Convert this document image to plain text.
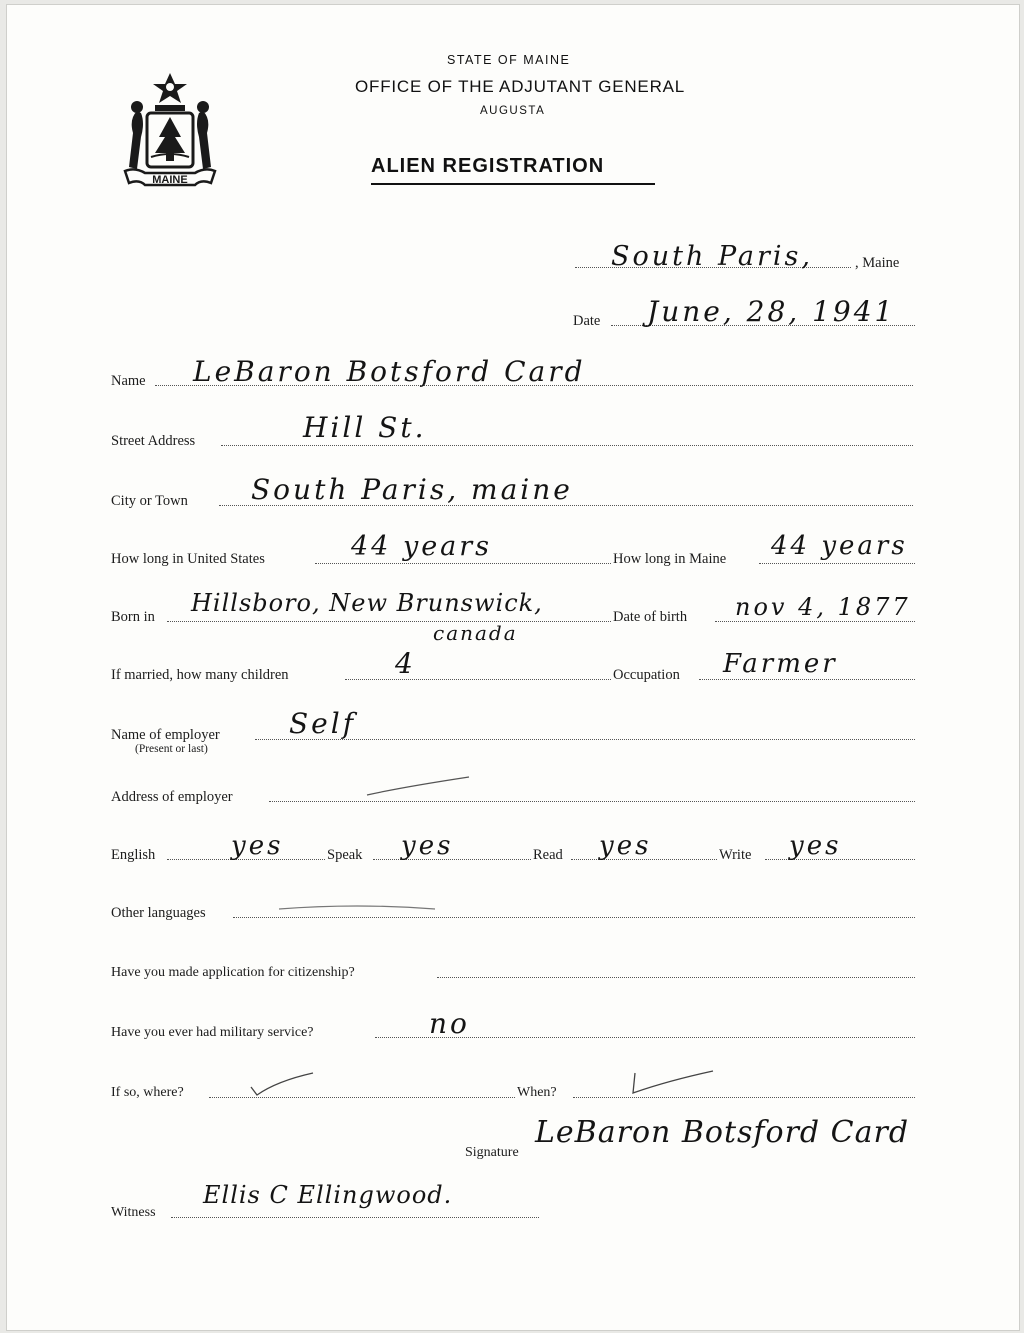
MAINE
STATE OF MAINE
OFFICE OF THE ADJUTANT GENERAL
AUGUSTA
ALIEN REGISTRATION
South Paris,	, Maine
Date June, 28, 1941
Name LeBaron Botsford Card
Street Address	Hill St.
City or Town South Paris, maine
How long in United States	44 years	How long in Maine 44 years
Born in Hillsboro, New Brunswick,
canada
Date of birth nov 4, 1877
If married, how many children	4	Occupation Farmer
Name of employer
(Present or last)
Self
Address of employer
English	yes	Speak yes	Read yes	Write yes
Other languages
Have you made application for citizenship?
Have you ever had military service?	no
If so, where?	When?
Signature
LeBaron Botsford Card
Witness
Ellis C Ellingwood.
